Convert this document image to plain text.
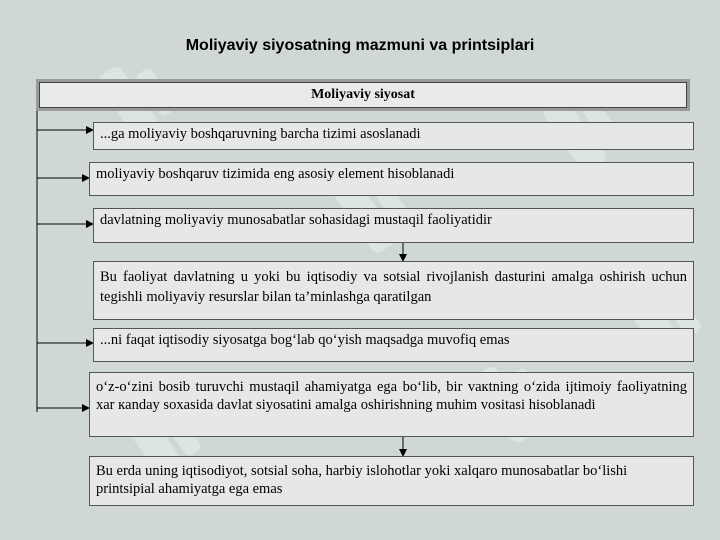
Moliyaviy siyosatning mazmuni va printsiplari
Moliyaviy siyosat
...ga moliyaviy boshqaruvning barcha tizimi asoslanadi
moliyaviy boshqaruv tizimida eng asosiy element hisoblanadi
davlatning moliyaviy munosabatlar sohasidagi mustaqil faoliyatidir
Bu faoliyat davlatning u yoki bu iqtisodiy va sotsial rivojlanish dasturini amalga oshirish uchun tegishli moliyaviy resurslar bilan ta’minlashga qaratilgan
...ni faqat iqtisodiy siyosatga bog‘lab qo‘yish maqsadga muvofiq emas
o‘z-o‘zini bosib turuvchi mustaqil ahamiyatga ega bo‘lib, bir vaкtning o‘zida ijtimoiy faoliyatning xar кanday soxasida davlat siyosatini amalga oshirishning muhim vositasi hisoblanadi
Bu erda uning iqtisodiyot, sotsial soha, harbiy islohotlar yoki xalqaro munosabatlar bo‘lishi printsipial ahamiyatga ega emas
